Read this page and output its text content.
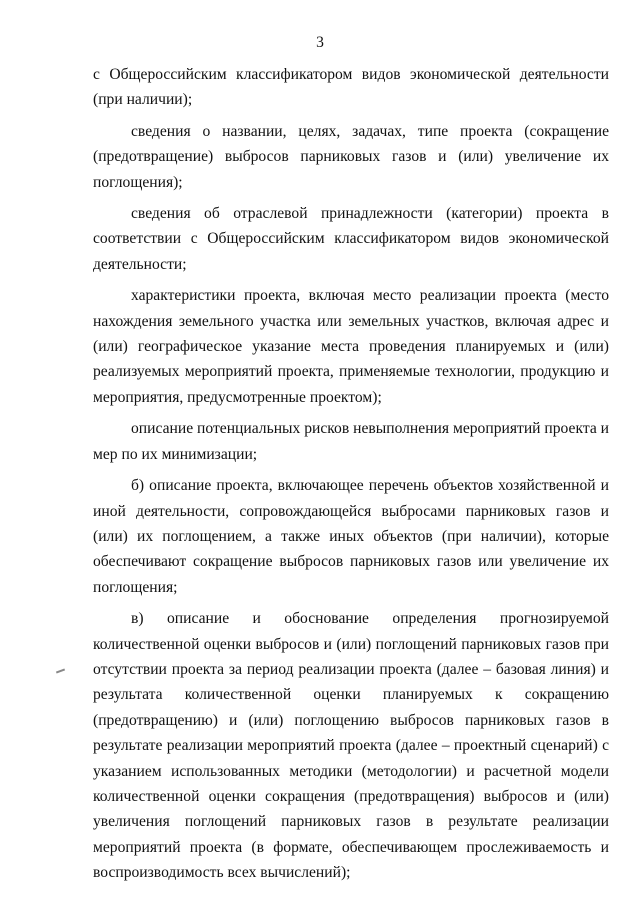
3

с Общероссийским классификатором видов экономической деятельности (при наличии);

сведения о названии, целях, задачах, типе проекта (сокращение (предотвращение) выбросов парниковых газов и (или) увеличение их поглощения);

сведения об отраслевой принадлежности (категории) проекта в соответствии с Общероссийским классификатором видов экономической деятельности;

характеристики проекта, включая место реализации проекта (место нахождения земельного участка или земельных участков, включая адрес и (или) географическое указание места проведения планируемых и (или) реализуемых мероприятий проекта, применяемые технологии, продукцию и мероприятия, предусмотренные проектом);

описание потенциальных рисков невыполнения мероприятий проекта и мер по их минимизации;

б) описание проекта, включающее перечень объектов хозяйственной и иной деятельности, сопровождающейся выбросами парниковых газов и (или) их поглощением, а также иных объектов (при наличии), которые обеспечивают сокращение выбросов парниковых газов или увеличение их поглощения;

в) описание и обоснование определения прогнозируемой количественной оценки выбросов и (или) поглощений парниковых газов при отсутствии проекта за период реализации проекта (далее – базовая линия) и результата количественной оценки планируемых к сокращению (предотвращению) и (или) поглощению выбросов парниковых газов в результате реализации мероприятий проекта (далее – проектный сценарий) с указанием использованных методики (методологии) и расчетной модели количественной оценки сокращения (предотвращения) выбросов и (или) увеличения поглощений парниковых газов в результате реализации мероприятий проекта (в формате, обеспечивающем прослеживаемость и воспроизводимость всех вычислений);
